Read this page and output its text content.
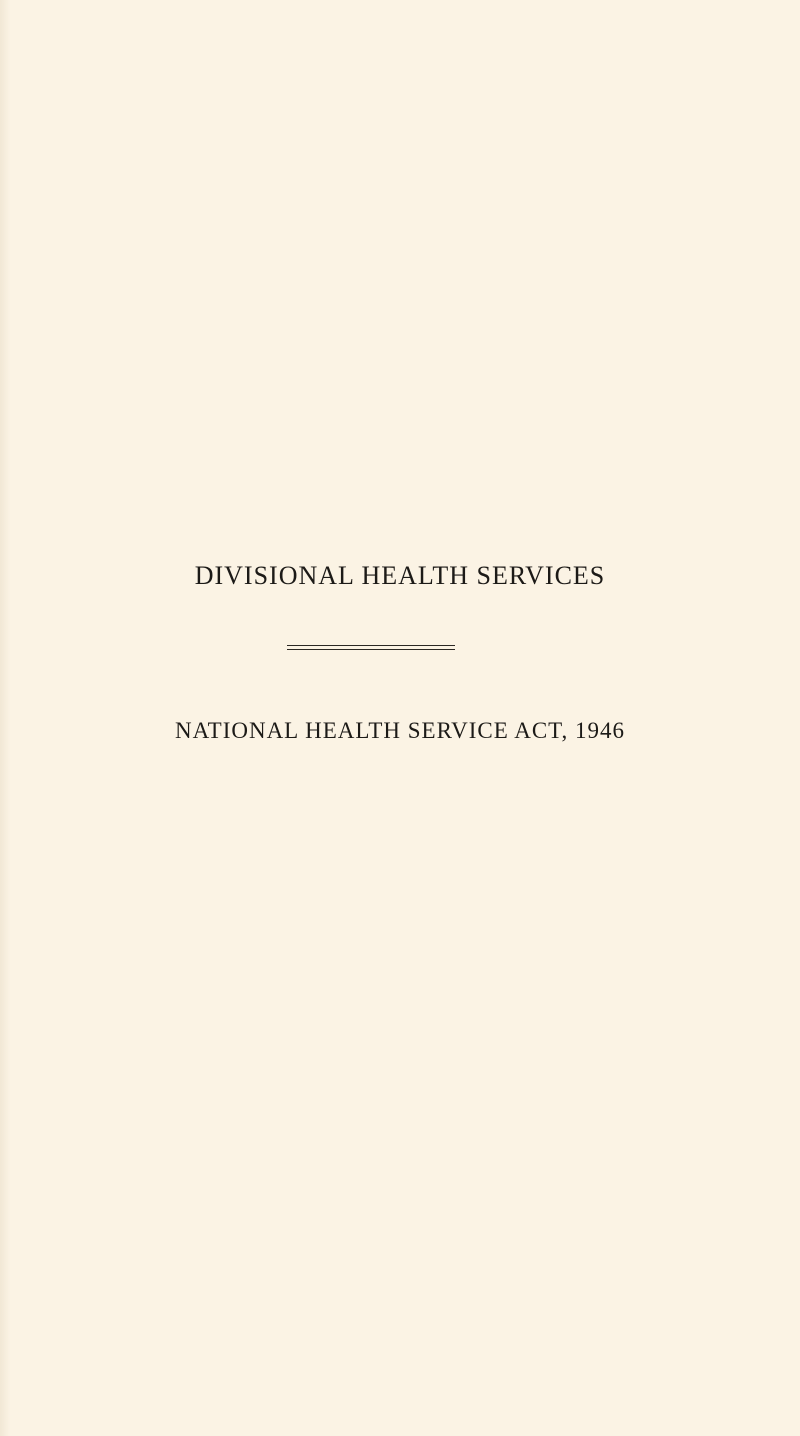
DIVISIONAL HEALTH SERVICES
NATIONAL HEALTH SERVICE ACT, 1946
